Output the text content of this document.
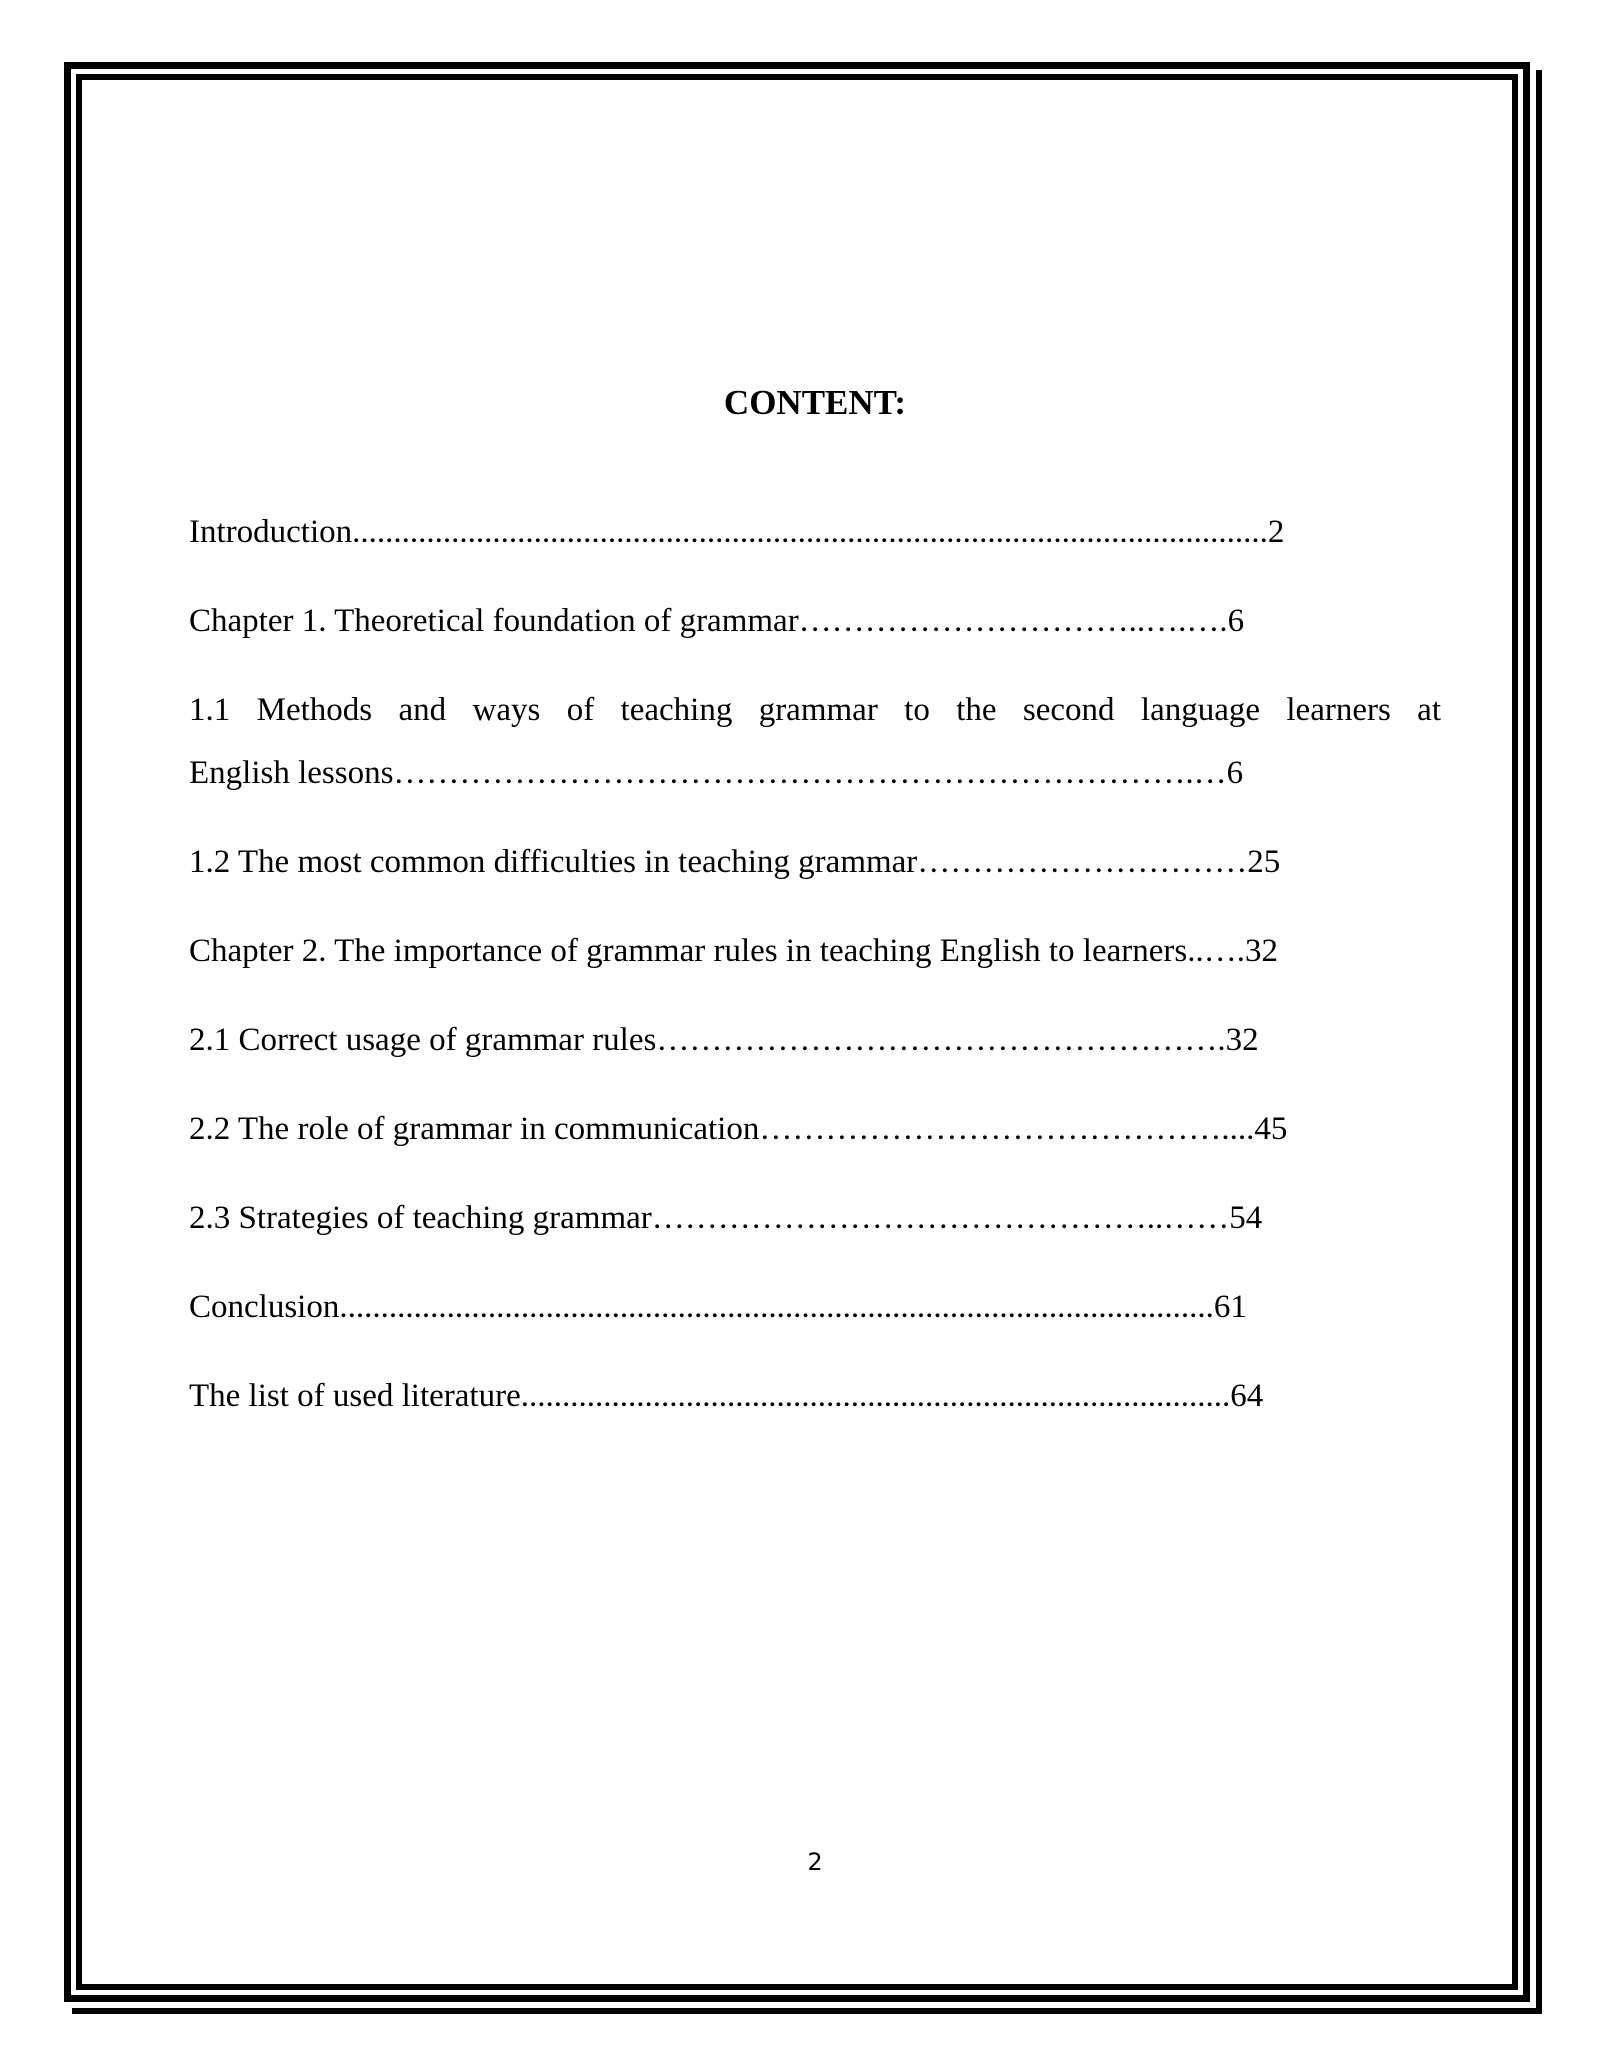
CONTENT:
Introduction...............................................................................................................2
Chapter 1. Theoretical foundation of grammar…………………………..….….6
1.1 Methods and ways of teaching grammar to the second language learners at
English lessons……………………………………………………………….…6
1.2 The most common difficulties in teaching grammar…………………………25
Chapter 2. The importance of grammar rules in teaching English to learners..….32
2.1 Correct usage of grammar rules…………………………………………….32
2.2 The role of grammar in communication……………………………………....45
2.3 Strategies of teaching grammar………………………………………..……54
Conclusion..........................................................................................................61
The list of used literature......................................................................................64
2
